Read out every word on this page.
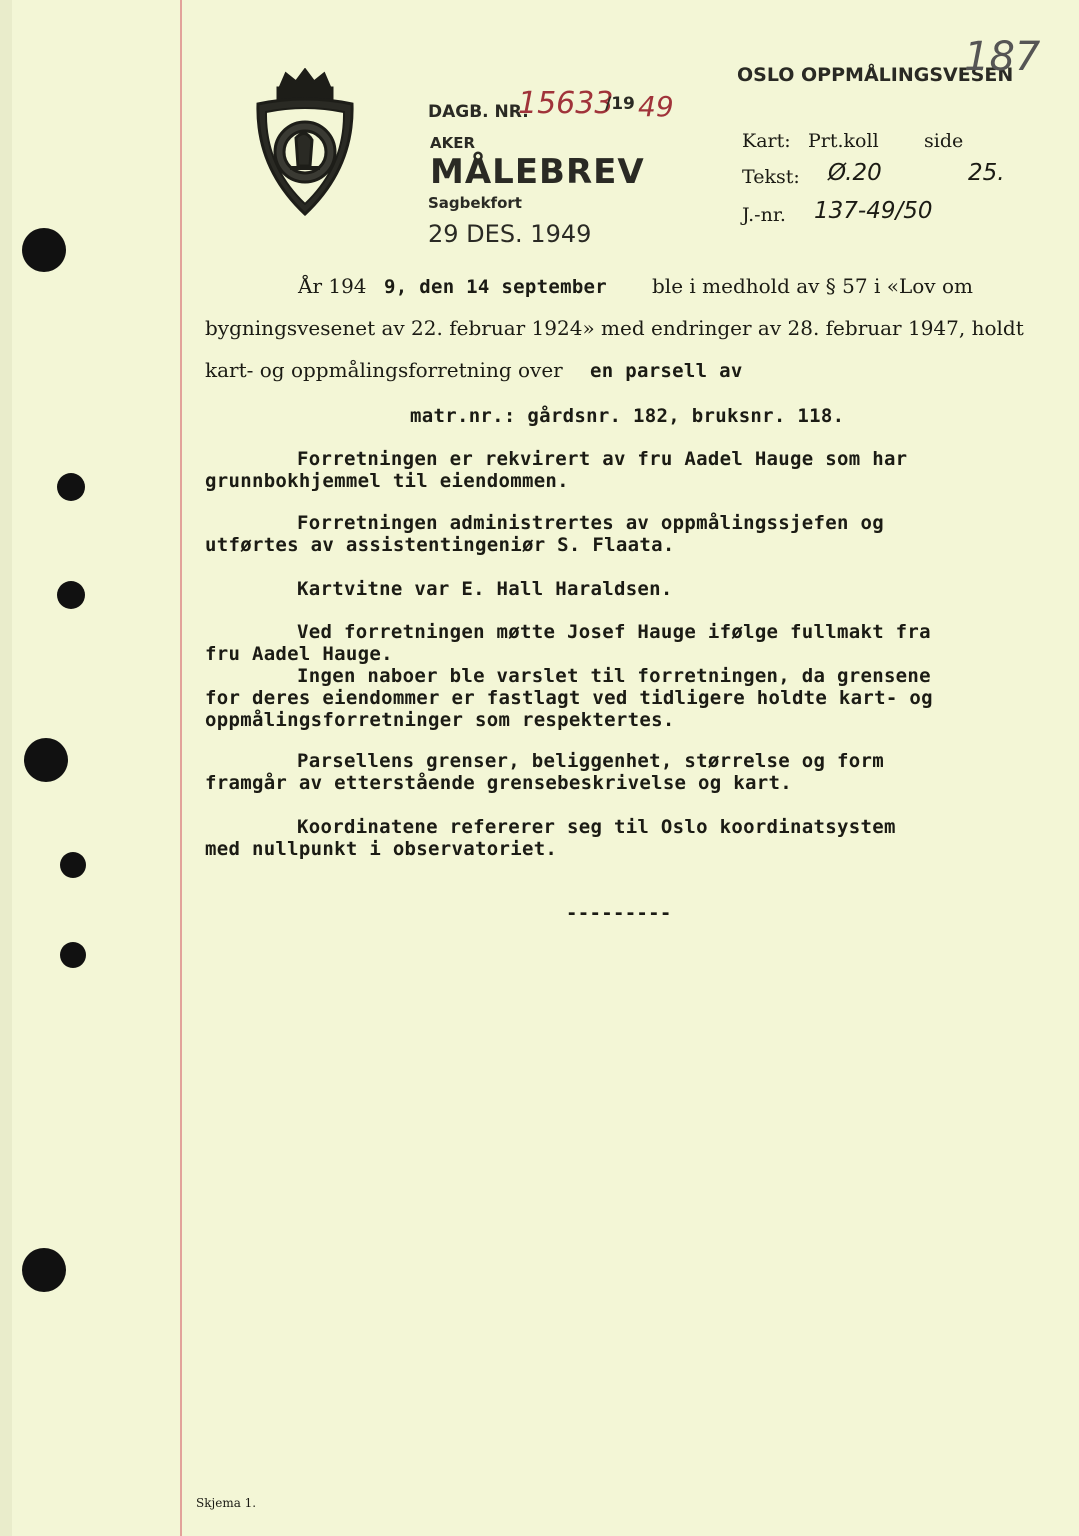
DAGB. NR.
15633
/19 49
AKER
MÅLEBREV
Sagbekfort
29 DES. 1949
OSLO OPPMÅLINGSVESEN
187
Kart: Prt.koll side
Tekst: Ø.20	25.
J.-nr. 137-49/50
År 194 9, den 14 september ble i medhold av § 57 i «Lov om
bygningsvesenet av 22. februar 1924» med endringer av 28. februar 1947, holdt
kart- og oppmålingsforretning over en parsell av
matr.nr.: gårdsnr. 182, bruksnr. 118.
Forretningen er rekvirert av fru Aadel Hauge som har
grunnbokhjemmel til eiendommen.
Forretningen administrertes av oppmålingssjefen og
utførtes av assistentingeniør S. Flaata.
Kartvitne var E. Hall Haraldsen.
Ved forretningen møtte Josef Hauge ifølge fullmakt fra
fru Aadel Hauge.
Ingen naboer ble varslet til forretningen, da grensene
for deres eiendommer er fastlagt ved tidligere holdte kart- og
oppmålingsforretninger som respektertes.
Parsellens grenser, beliggenhet, størrelse og form
framgår av etterstående grensebeskrivelse og kart.
Koordinatene refererer seg til Oslo koordinatsystem
med nullpunkt i observatoriet.
---------
Skjema 1.
